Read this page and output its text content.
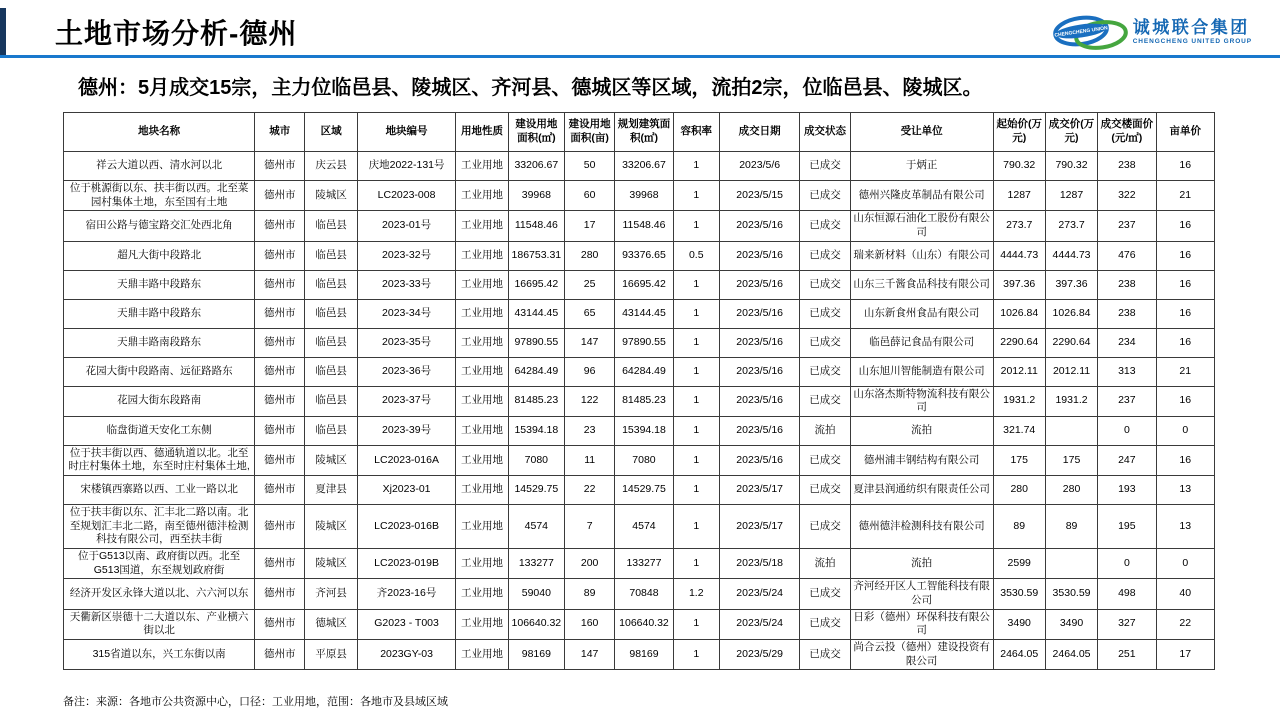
土地市场分析-德州	CHENGCHENG UNION 诚城联合集团
CHENGCHENG UNITED GROUP
德州：5月成交15宗，主力位临邑县、陵城区、齐河县、德城区等区域，流拍2宗，位临邑县、陵城区。
地块名称	城市	区域	地块编号	用地性质	建设用地面积(㎡)	建设用地面积(亩)	规划建筑面积(㎡)	容积率	成交日期	成交状态	受让单位	起始价(万元)	成交价(万元)	成交楼面价(元/㎡)	亩单价
祥云大道以西、清水河以北	德州市	庆云县	庆地2022-131号	工业用地	33206.67	50	33206.67	1	2023/5/6	已成交	于炳正	790.32	790.32	238	16
位于桃源街以东、扶丰街以西。北至菜园村集体土地，东至国有土地	德州市	陵城区	LC2023-008	工业用地	39968	60	39968	1	2023/5/15	已成交	德州兴隆皮革制品有限公司	1287	1287	322	21
宿田公路与德宝路交汇处西北角	德州市	临邑县	2023-01号	工业用地	11548.46	17	11548.46	1	2023/5/16	已成交	山东恒源石油化工股份有限公司	273.7	273.7	237	16
超凡大街中段路北	德州市	临邑县	2023-32号	工业用地	186753.31	280	93376.65	0.5	2023/5/16	已成交	瑞来新材料（山东）有限公司	4444.73	4444.73	476	16
天鼎丰路中段路东	德州市	临邑县	2023-33号	工业用地	16695.42	25	16695.42	1	2023/5/16	已成交	山东三千酱食品科技有限公司	397.36	397.36	238	16
天鼎丰路中段路东	德州市	临邑县	2023-34号	工业用地	43144.45	65	43144.45	1	2023/5/16	已成交	山东新食州食品有限公司	1026.84	1026.84	238	16
天鼎丰路南段路东	德州市	临邑县	2023-35号	工业用地	97890.55	147	97890.55	1	2023/5/16	已成交	临邑薛记食品有限公司	2290.64	2290.64	234	16
花园大街中段路南、远征路路东	德州市	临邑县	2023-36号	工业用地	64284.49	96	64284.49	1	2023/5/16	已成交	山东旭川智能制造有限公司	2012.11	2012.11	313	21
花园大街东段路南	德州市	临邑县	2023-37号	工业用地	81485.23	122	81485.23	1	2023/5/16	已成交	山东洛杰斯特物流科技有限公司	1931.2	1931.2	237	16
临盘街道天安化工东侧	德州市	临邑县	2023-39号	工业用地	15394.18	23	15394.18	1	2023/5/16	流拍	流拍	321.74		0	0
位于扶丰街以西、德通轨道以北。北至时庄村集体土地，东至时庄村集体土地,	德州市	陵城区	LC2023-016A	工业用地	7080	11	7080	1	2023/5/16	已成交	德州浦丰钢结构有限公司	175	175	247	16
宋楼镇西寨路以西、工业一路以北	德州市	夏津县	Xj2023-01	工业用地	14529.75	22	14529.75	1	2023/5/17	已成交	夏津县润通纺织有限责任公司	280	280	193	13
位于扶丰街以东、汇丰北二路以南。北至规划汇丰北二路，南至德州德沣检测科技有限公司，西至扶丰街	德州市	陵城区	LC2023-016B	工业用地	4574	7	4574	1	2023/5/17	已成交	德州德沣检测科技有限公司	89	89	195	13
位于G513以南、政府街以西。北至G513国道，东至规划政府街	德州市	陵城区	LC2023-019B	工业用地	133277	200	133277	1	2023/5/18	流拍	流拍	2599		0	0
经济开发区永锋大道以北、六六河以东	德州市	齐河县	齐2023-16号	工业用地	59040	89	70848	1.2	2023/5/24	已成交	齐河经开区人工智能科技有限公司	3530.59	3530.59	498	40
天衢新区崇德十二大道以东、产业横六街以北	德州市	德城区	G2023 - T003	工业用地	106640.32	160	106640.32	1	2023/5/24	已成交	日彩（德州）环保科技有限公司	3490	3490	327	22
315省道以东，兴工东街以南	德州市	平原县	2023GY-03	工业用地	98169	147	98169	1	2023/5/29	已成交	尚合云投（德州）建设投资有限公司	2464.05	2464.05	251	17
备注：来源：各地市公共资源中心，口径：工业用地，范围：各地市及县域区域
